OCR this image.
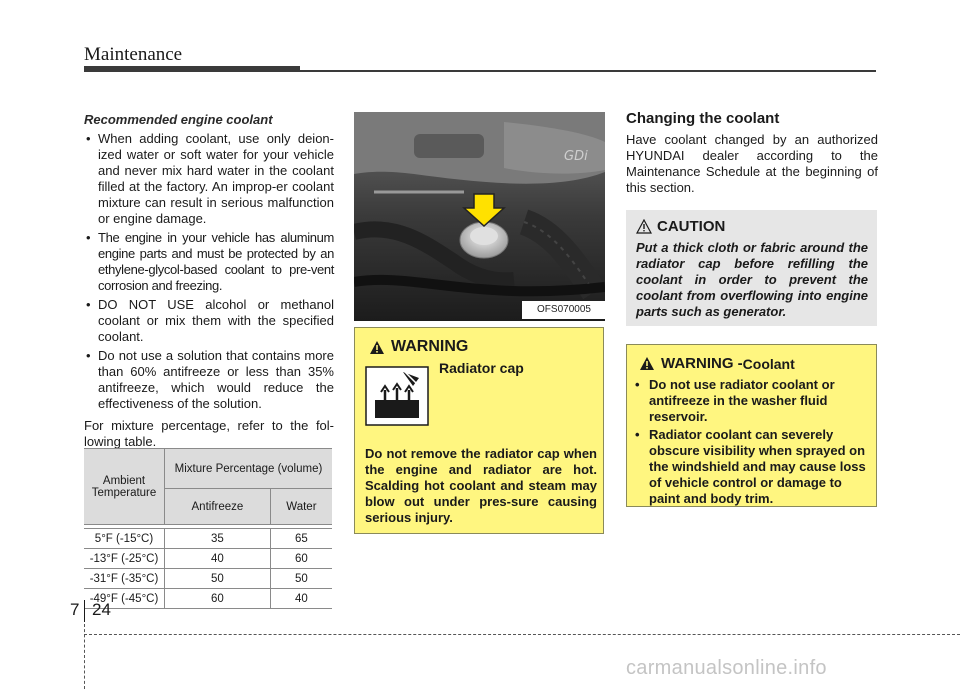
Maintenance
Recommended engine coolant
• When adding coolant, use only deion-ized water or soft water for your vehicle and never mix hard water in the coolant filled at the factory. An improp-er coolant mixture can result in serious malfunction or engine damage.
• The engine in your vehicle has aluminum engine parts and must be protected by an ethylene-glycol-based coolant to pre-vent corrosion and freezing.
• DO NOT USE alcohol or methanol coolant or mix them with the specified coolant.
• Do not use a solution that contains more than 60% antifreeze or less than 35% antifreeze, which would reduce the effectiveness of the solution.
For mixture percentage, refer to the fol-lowing table.
Ambient Temperature	Mixture Percentage (volume)	
	Antifreeze	Water

5°F (-15°C)	35	65
-13°F (-25°C)	40	60
-31°F (-35°C)	50	50
-49°F (-45°C)	60	40
GDi
OFS070005
WARNING
Radiator cap
Do not remove the radiator cap when the engine and radiator are hot. Scalding hot coolant and steam may blow out under pres-sure causing serious injury.
Changing the coolant
Have coolant changed by an authorized HYUNDAI dealer according to the Maintenance Schedule at the beginning of this section.
CAUTION
Put a thick cloth or fabric around the radiator cap before refilling the coolant in order to prevent the coolant from overflowing into engine parts such as generator.
WARNING - Coolant
• Do not use radiator coolant or antifreeze in the washer fluid reservoir.
• Radiator coolant can severely obscure visibility when sprayed on the windshield and may cause loss of vehicle control or damage to paint and body trim.
7 24
carmanualsonline.info
